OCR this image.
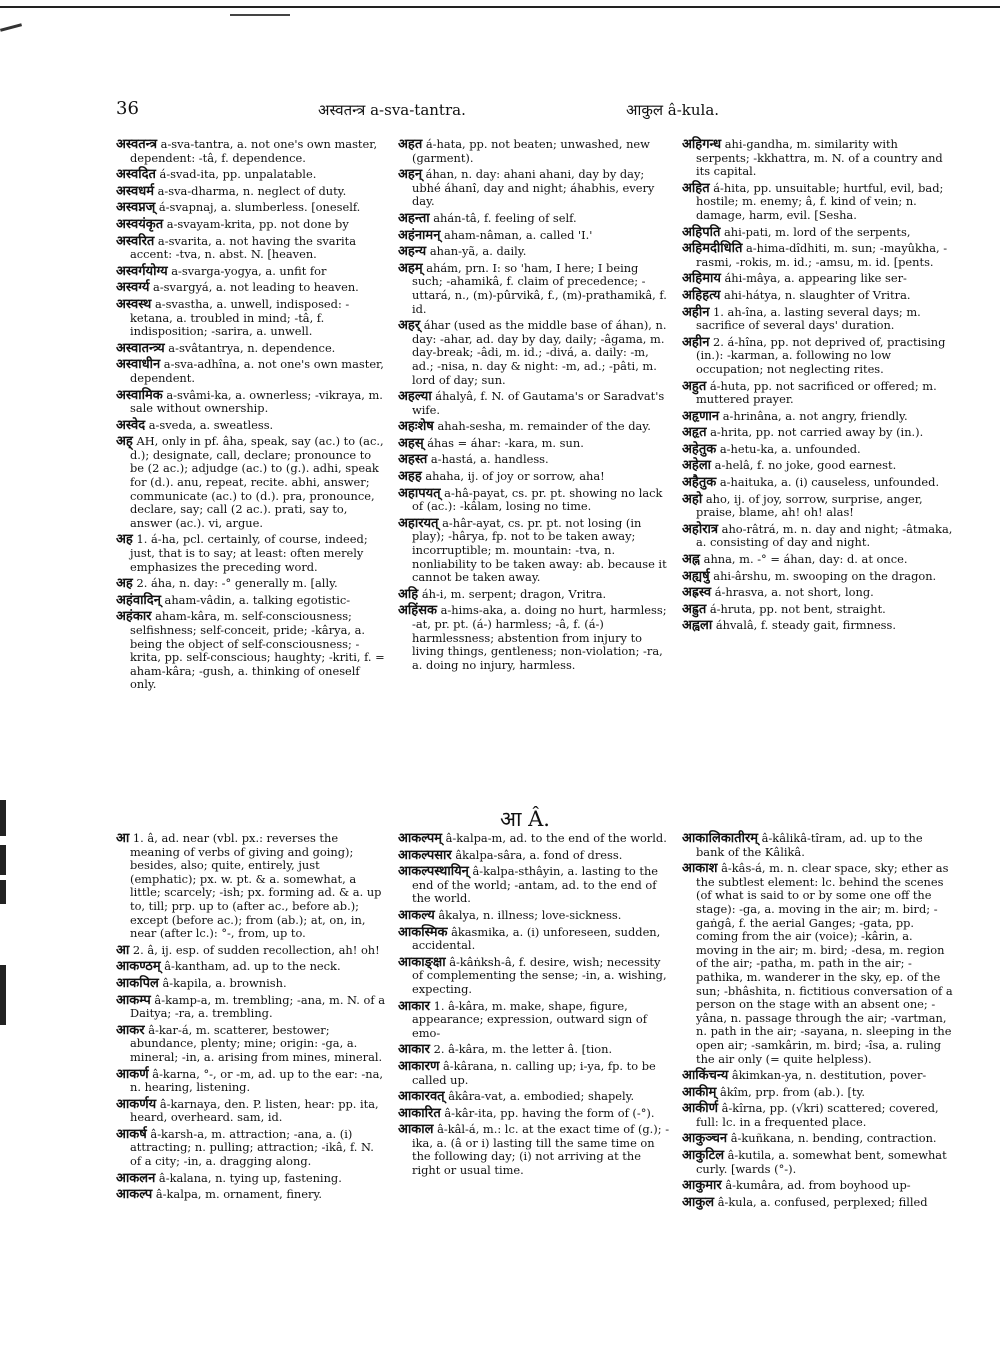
36	अस्वतन्त्र a-sva-tantra.	आकुल â-kula.

अस्वतन्त्र a-sva-tantra, a. not one's own master, dependent: -tâ, f. dependence.

अस्वदित á-svad-ita, pp. unpalatable.

अस्वधर्म a-sva-dharma, n. neglect of duty.

अस्वप्नज् á-svapnaj, a. slumberless. [oneself.

अस्वयंकृत a-svayam-krita, pp. not done by

अस्वरित a-svarita, a. not having the svarita accent: -tva, n. abst. N. [heaven.

अस्वर्गयोग्य a-svarga-yogya, a. unfit for

अस्वर्ग्य a-svargyá, a. not leading to heaven.

अस्वस्थ a-svastha, a. unwell, indisposed: -ketana, a. troubled in mind; -tâ, f. indisposition; -sarira, a. unwell.

अस्वातन्त्र्य a-svâtantrya, n. dependence.

अस्वाधीन a-sva-adhîna, a. not one's own master, dependent.

अस्वामिक a-svâmi-ka, a. ownerless; -vikraya, m. sale without ownership.

अस्वेद a-sveda, a. sweatless.

अह् AH, only in pf. âha, speak, say (ac.) to (ac., d.); designate, call, declare; pronounce to be (2 ac.); adjudge (ac.) to (g.). adhi, speak for (d.). anu, repeat, recite. abhi, answer; communicate (ac.) to (d.). pra, pronounce, declare, say; call (2 ac.). prati, say to, answer (ac.). vi, argue.

अह 1. á-ha, pcl. certainly, of course, indeed; just, that is to say; at least: often merely emphasizes the preceding word.

अह 2. áha, n. day: -° generally m. [ally.

अहंवादिन् aham-vâdin, a. talking egotistic-

अहंकार aham-kâra, m. self-consciousness; selfishness; self-conceit, pride; -kârya, a. being the object of self-consciousness; -krita, pp. self-conscious; haughty; -kriti, f. = aham-kâra; -gush, a. thinking of oneself only.

अहत á-hata, pp. not beaten; unwashed, new (garment).

अहन् áhan, n. day: ahani ahani, day by day; ubhé áhanî, day and night; áhabhis, every day.

अहन्ता ahán-tâ, f. feeling of self.

अहंनामन् aham-nâman, a. called 'I.'

अहन्य ahan-yã, a. daily.

अहम् ahám, prn. I: so 'ham, I here; I being such; -ahamikâ, f. claim of precedence; -uttará, n., (m)-pûrvikâ, f., (m)-prathamikâ, f. id.

अहर् áhar (used as the middle base of áhan), n. day: -ahar, ad. day by day, daily; -âgama, m. day-break; -âdi, m. id.; -divá, a. daily: -m, ad.; -nisa, n. day & night: -m, ad.; -pâti, m. lord of day; sun.

अहल्या áhalyâ, f. N. of Gautama's or Saradvat's wife.

अहःशेष ahah-sesha, m. remainder of the day.

अहस् áhas = áhar: -kara, m. sun.

अहस्त a-hastá, a. handless.

अहह ahaha, ij. of joy or sorrow, aha!

अहापयत् a-hâ-payat, cs. pr. pt. showing no lack of (ac.): -kâlam, losing no time.

अहारयत् a-hâr-ayat, cs. pr. pt. not losing (in play); -hârya, fp. not to be taken away; incorruptible; m. mountain: -tva, n. nonliability to be taken away: ab. because it cannot be taken away.

अहि áh-i, m. serpent; dragon, Vritra.

अहिंसक a-hims-aka, a. doing no hurt, harmless; -at, pr. pt. (á-) harmless; -â, f. (á-) harmlessness; abstention from injury to living things, gentleness; non-violation; -ra, a. doing no injury, harmless.

अहिगन्ध ahi-gandha, m. similarity with serpents; -kkhattra, m. N. of a country and its capital.

अहित á-hita, pp. unsuitable; hurtful, evil, bad; hostile; m. enemy; â, f. kind of vein; n. damage, harm, evil. [Sesha.

अहिपति ahi-pati, m. lord of the serpents,

अहिमदीधिति a-hima-dîdhiti, m. sun; -mayûkha, -rasmi, -rokis, m. id.; -amsu, m. id. [pents.

अहिमाय áhi-mâya, a. appearing like ser-

अहिहत्य ahi-hátya, n. slaughter of Vritra.

अहीन 1. ah-îna, a. lasting several days; m. sacrifice of several days' duration.

अहीन 2. á-hîna, pp. not deprived of, practising (in.): -karman, a. following no low occupation; not neglecting rites.

अहुत á-huta, pp. not sacrificed or offered; m. muttered prayer.

अहृणान a-hrinâna, a. not angry, friendly.

अहृत a-hrita, pp. not carried away by (in.).

अहेतुक a-hetu-ka, a. unfounded.

अहेला a-helâ, f. no joke, good earnest.

अहैतुक a-haituka, a. (i) causeless, unfounded.

अहो aho, ij. of joy, sorrow, surprise, anger, praise, blame, ah! oh! alas!

अहोरात्र aho-râtrá, m. n. day and night; -âtmaka, a. consisting of day and night.

अह्न ahna, m. -° = áhan, day: d. at once.

अह्यर्षु ahi-ârshu, m. swooping on the dragon.

अह्रस्व á-hrasva, a. not short, long.

अह्रुत á-hruta, pp. not bent, straight.

अह्वला áhvalâ, f. steady gait, firmness.

आ Â.

आ 1. â, ad. near (vbl. px.: reverses the meaning of verbs of giving and going); besides, also; quite, entirely, just (emphatic); px. w. pt. & a. somewhat, a little; scarcely; -ish; px. forming ad. & a. up to, till; prp. up to (after ac., before ab.); except (before ac.); from (ab.); at, on, in, near (after lc.): °-, from, up to.

आ 2. â, ij. esp. of sudden recollection, ah! oh!

आकण्ठम् â-kantham, ad. up to the neck.

आकपिल â-kapila, a. brownish.

आकम्प â-kamp-a, m. trembling; -ana, m. N. of a Daitya; -ra, a. trembling.

आकर â-kar-á, m. scatterer, bestower; abundance, plenty; mine; origin: -ga, a. mineral; -in, a. arising from mines, mineral.

आकर्ण â-karna, °-, or -m, ad. up to the ear: -na, n. hearing, listening.

आकर्णय â-karnaya, den. P. listen, hear: pp. ita, heard, overheard. sam, id.

आकर्ष â-karsh-a, m. attraction; -ana, a. (i) attracting; n. pulling; attraction; -ikâ, f. N. of a city; -in, a. dragging along.

आकलन â-kalana, n. tying up, fastening.

आकल्प â-kalpa, m. ornament, finery.

आकल्पम् â-kalpa-m, ad. to the end of the world.

आकल्पसार âkalpa-sâra, a. fond of dress.

आकल्पस्थायिन् â-kalpa-sthâyin, a. lasting to the end of the world; -antam, ad. to the end of the world.

आकल्य âkalya, n. illness; love-sickness.

आकस्मिक âkasmika, a. (i) unforeseen, sudden, accidental.

आकाङ्क्षा â-kâṅksh-â, f. desire, wish; necessity of complementing the sense; -in, a. wishing, expecting.

आकार 1. â-kâra, m. make, shape, figure, appearance; expression, outward sign of emo-

आकार 2. â-kâra, m. the letter â. [tion.

आकारण â-kârana, n. calling up; i-ya, fp. to be called up.

आकारवत् âkâra-vat, a. embodied; shapely.

आकारित â-kâr-ita, pp. having the form of (-°).

आकाल â-kâl-á, m.: lc. at the exact time of (g.); -ika, a. (â or i) lasting till the same time on the following day; (i) not arriving at the right or usual time.

आकालिकातीरम् â-kâlikâ-tîram, ad. up to the bank of the Kâlikâ.

आकाश â-kâs-á, m. n. clear space, sky; ether as the subtlest element: lc. behind the scenes (of what is said to or by some one off the stage): -ga, a. moving in the air; m. bird; -gaṅgâ, f. the aerial Ganges; -gata, pp. coming from the air (voice); -kârin, a. moving in the air; m. bird; -desa, m. region of the air; -patha, m. path in the air; -pathika, m. wanderer in the sky, ep. of the sun; -bhâshita, n. fictitious conversation of a person on the stage with an absent one; -yâna, n. passage through the air; -vartman, n. path in the air; -sayana, n. sleeping in the open air; -samkârin, m. bird; -îsa, a. ruling the air only (= quite helpless).

आकिंचन्य âkimkan-ya, n. destitution, pover-

आकीम् âkîm, prp. from (ab.). [ty.

आकीर्ण â-kîrna, pp. (√kri) scattered; covered, full: lc. in a frequented place.

आकुञ्चन â-kuñkana, n. bending, contraction.

आकुटिल â-kutila, a. somewhat bent, somewhat curly. [wards (°-).

आकुमार â-kumâra, ad. from boyhood up-

आकुल â-kula, a. confused, perplexed; filled
